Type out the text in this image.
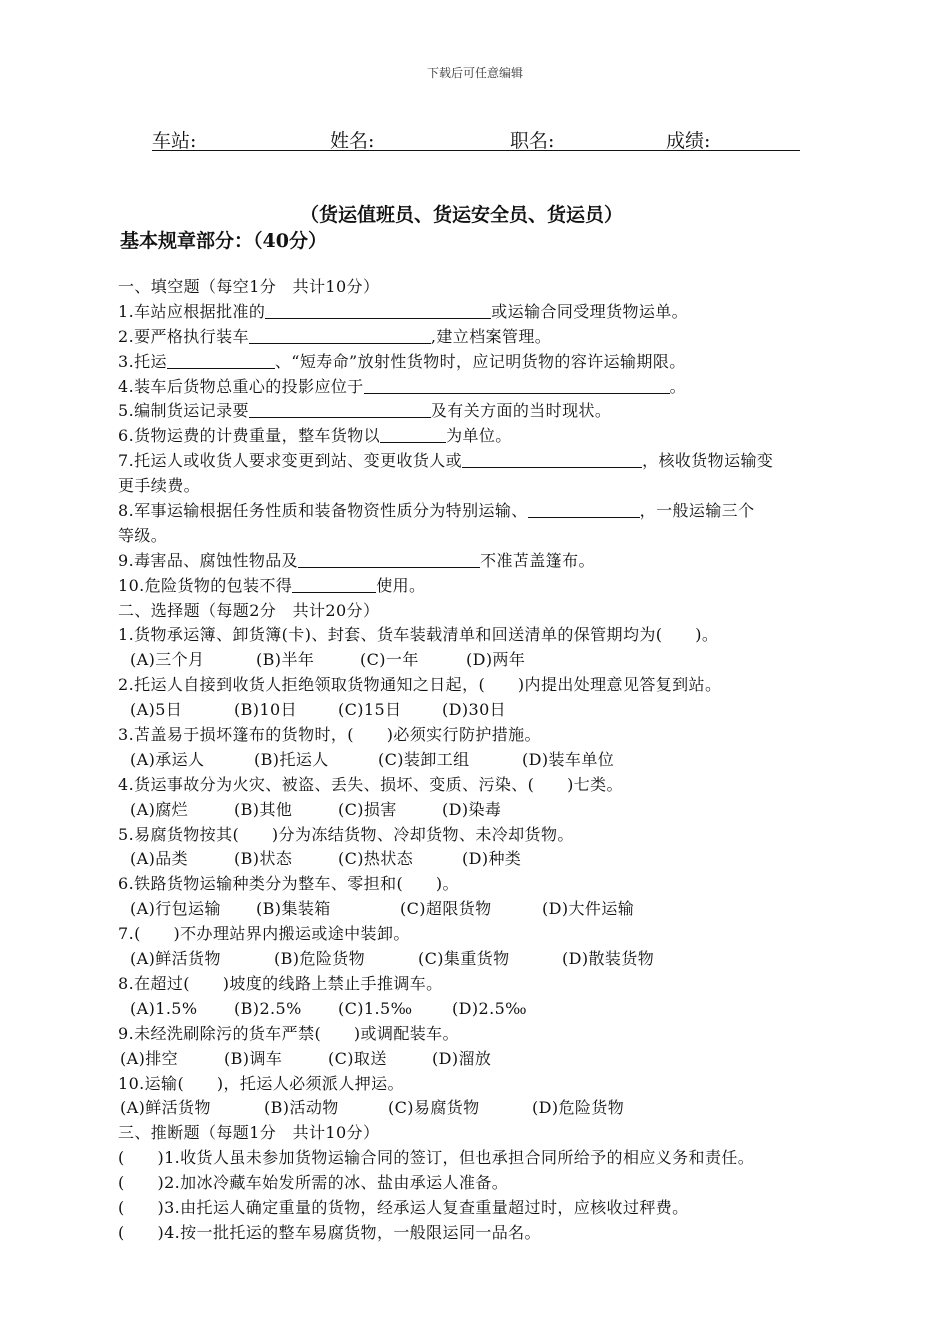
下载后可任意编辑
车站:	姓名:	职名:	成绩:
（货运值班员、货运安全员、货运员）
基本规章部分：（40分）
一、填空题（每空1分　共计10分）
1.车站应根据批准的	或运输合同受理货物运单。
2.要严格执行装车	,建立档案管理。
3.托运	、“短寿命”放射性货物时，应记明货物的容许运输期限。
4.装车后货物总重心的投影应位于	。
5.编制货运记录要	及有关方面的当时现状。
6.货物运费的计费重量，整车货物以	为单位。
7.托运人或收货人要求变更到站、变更收货人或	，核收货物运输变
更手续费。
8.军事运输根据任务性质和装备物资性质分为特别运输、	，一般运输三个
等级。
9.毒害品、腐蚀性物品及	不准苫盖篷布。
10.危险货物的包装不得	使用。
二、选择题（每题2分　共计20分）
1.货物承运簿、卸货簿(卡)、封套、货车装载清单和回送清单的保管期均为(　　)。
(A)三个月	(B)半年	(C)一年	(D)两年
2.托运人自接到收货人拒绝领取货物通知之日起，(　　)内提出处理意见答复到站。
(A)5日	(B)10日	(C)15日	(D)30日
3.苫盖易于损坏篷布的货物时，(　　)必须实行防护措施。
(A)承运人	(B)托运人	(C)装卸工组	(D)装车单位
4.货运事故分为火灾、被盗、丢失、损坏、变质、污染、(　　)七类。
(A)腐烂	(B)其他	(C)损害	(D)染毒
5.易腐货物按其(　　)分为冻结货物、冷却货物、未冷却货物。
(A)品类	(B)状态	(C)热状态	(D)种类
6.铁路货物运输种类分为整车、零担和(　　)。
(A)行包运输 (B)集装箱	(C)超限货物	(D)大件运输
7.(　　)不办理站界内搬运或途中装卸。
(A)鲜活货物	(B)危险货物	(C)集重货物	(D)散装货物
8.在超过(　　)坡度的线路上禁止手推调车。
(A)1.5% (B)2.5% (C)1.5‰ (D)2.5‰
9.未经洗刷除污的货车严禁(　　)或调配装车。
(A)排空	(B)调车	(C)取送	(D)溜放
10.运输(　　)，托运人必须派人押运。
(A)鲜活货物	(B)活动物	(C)易腐货物	(D)危险货物
三、推断题（每题1分　共计10分）
(　　)1.收货人虽未参加货物运输合同的签订，但也承担合同所给予的相应义务和责任。
(　　)2.加冰冷藏车始发所需的冰、盐由承运人准备。
(　　)3.由托运人确定重量的货物，经承运人复查重量超过时，应核收过秤费。
(　　)4.按一批托运的整车易腐货物，一般限运同一品名。
